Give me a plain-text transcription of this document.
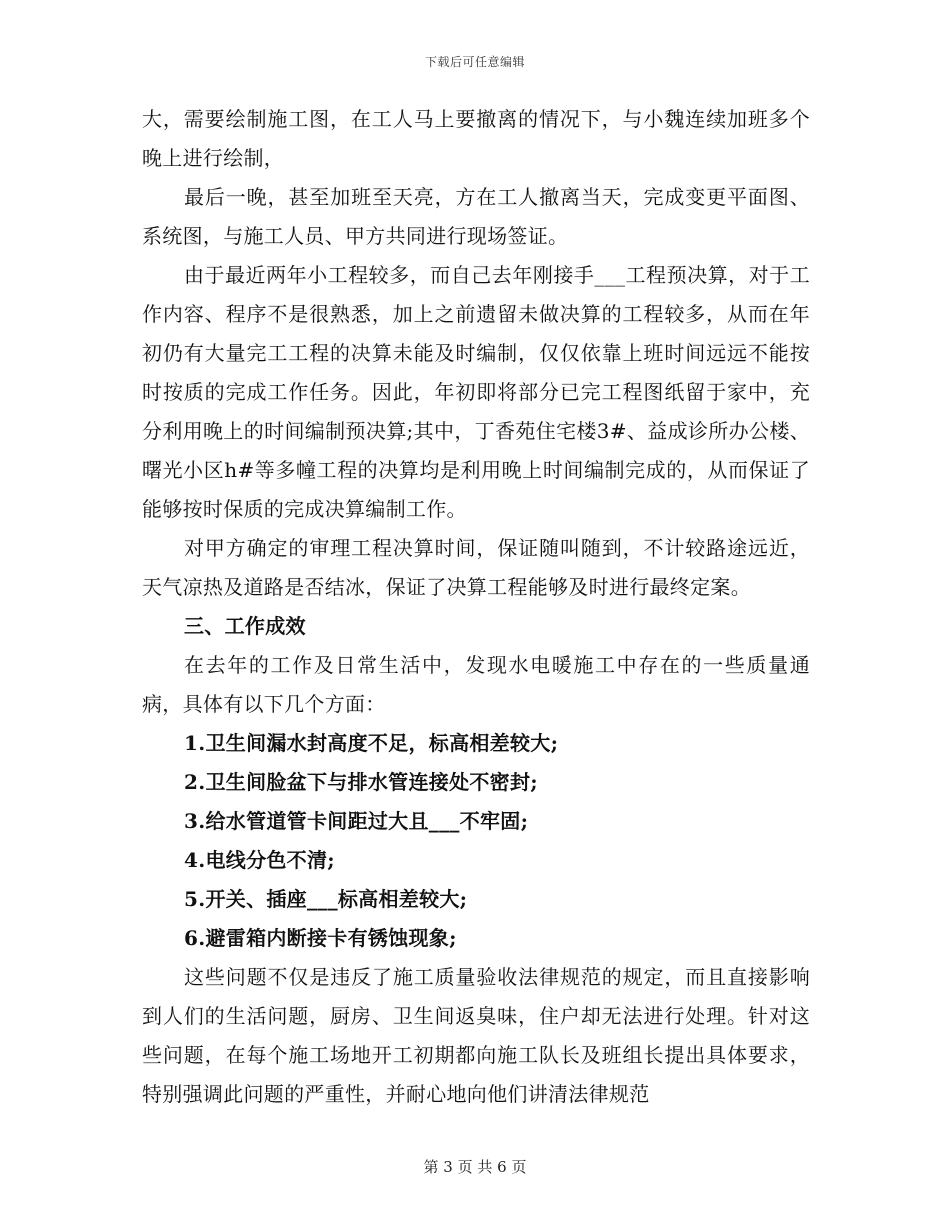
下载后可任意编辑

大，需要绘制施工图，在工人马上要撤离的情况下，与小魏连续加班多个晚上进行绘制，

最后一晚，甚至加班至天亮，方在工人撤离当天，完成变更平面图、系统图，与施工人员、甲方共同进行现场签证。

由于最近两年小工程较多，而自己去年刚接手___工程预决算，对于工作内容、程序不是很熟悉，加上之前遗留未做决算的工程较多，从而在年初仍有大量完工工程的决算未能及时编制，仅仅依靠上班时间远远不能按时按质的完成工作任务。因此，年初即将部分已完工程图纸留于家中，充分利用晚上的时间编制预决算;其中，丁香苑住宅楼3#、益成诊所办公楼、曙光小区h#等多幢工程的决算均是利用晚上时间编制完成的，从而保证了能够按时保质的完成决算编制工作。

对甲方确定的审理工程决算时间，保证随叫随到，不计较路途远近，天气凉热及道路是否结冰，保证了决算工程能够及时进行最终定案。

三、工作成效

在去年的工作及日常生活中，发现水电暖施工中存在的一些质量通病，具体有以下几个方面：

1.卫生间漏水封高度不足，标高相差较大;

2.卫生间脸盆下与排水管连接处不密封;

3.给水管道管卡间距过大且___不牢固;

4.电线分色不清;

5.开关、插座___标高相差较大;

6.避雷箱内断接卡有锈蚀现象;

这些问题不仅是违反了施工质量验收法律规范的规定，而且直接影响到人们的生活问题，厨房、卫生间返臭味，住户却无法进行处理。针对这些问题，在每个施工场地开工初期都向施工队长及班组长提出具体要求，特别强调此问题的严重性，并耐心地向他们讲清法律规范

第 3 页 共 6 页
